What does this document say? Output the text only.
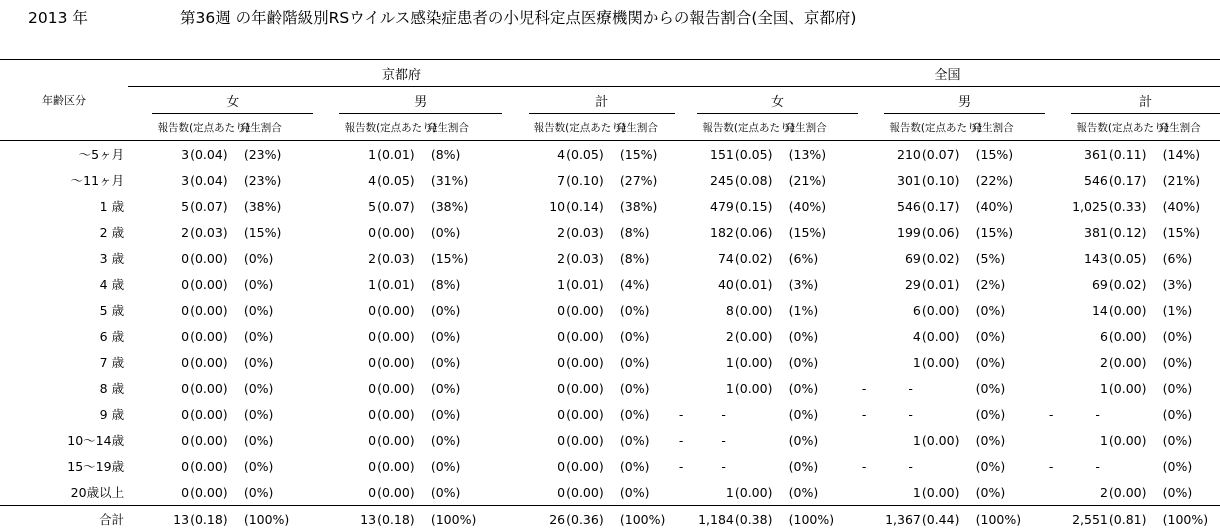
2013 年	第36週 の年齢階級別RSウイルス感染症患者の小児科定点医療機関からの報告割合(全国、京都府)
年齢区分	京都府												全国											
		女				男				計				女				男				計		
		報告数	(定点あたり)	発生割合		報告数	(定点あたり)	発生割合		報告数	(定点あたり)	発生割合		報告数	(定点あたり)	発生割合		報告数	(定点あたり)	発生割合		報告数	(定点あたり)	発生割合
～5ヶ月		3	(0.04)	(23%)		1	(0.01)	(8%)		4	(0.05)	(15%)		151	(0.05)	(13%)		210	(0.07)	(15%)		361	(0.11)	(14%)
～11ヶ月		3	(0.04)	(23%)		4	(0.05)	(31%)		7	(0.10)	(27%)		245	(0.08)	(21%)		301	(0.10)	(22%)		546	(0.17)	(21%)
1 歳		5	(0.07)	(38%)		5	(0.07)	(38%)		10	(0.14)	(38%)		479	(0.15)	(40%)		546	(0.17)	(40%)		1,025	(0.33)	(40%)
2 歳		2	(0.03)	(15%)		0	(0.00)	(0%)		2	(0.03)	(8%)		182	(0.06)	(15%)		199	(0.06)	(15%)		381	(0.12)	(15%)
3 歳		0	(0.00)	(0%)		2	(0.03)	(15%)		2	(0.03)	(8%)		74	(0.02)	(6%)		69	(0.02)	(5%)		143	(0.05)	(6%)
4 歳		0	(0.00)	(0%)		1	(0.01)	(8%)		1	(0.01)	(4%)		40	(0.01)	(3%)		29	(0.01)	(2%)		69	(0.02)	(3%)
5 歳		0	(0.00)	(0%)		0	(0.00)	(0%)		0	(0.00)	(0%)		8	(0.00)	(1%)		6	(0.00)	(0%)		14	(0.00)	(1%)
6 歳		0	(0.00)	(0%)		0	(0.00)	(0%)		0	(0.00)	(0%)		2	(0.00)	(0%)		4	(0.00)	(0%)		6	(0.00)	(0%)
7 歳		0	(0.00)	(0%)		0	(0.00)	(0%)		0	(0.00)	(0%)		1	(0.00)	(0%)		1	(0.00)	(0%)		2	(0.00)	(0%)
8 歳		0	(0.00)	(0%)		0	(0.00)	(0%)		0	(0.00)	(0%)		1	(0.00)	(0%)	-	-		(0%)		1	(0.00)	(0%)
9 歳		0	(0.00)	(0%)		0	(0.00)	(0%)		0	(0.00)	(0%)	-	-		(0%)	-	-		(0%)	-	-		(0%)
10～14歳		0	(0.00)	(0%)		0	(0.00)	(0%)		0	(0.00)	(0%)	-	-		(0%)		1	(0.00)	(0%)		1	(0.00)	(0%)
15～19歳		0	(0.00)	(0%)		0	(0.00)	(0%)		0	(0.00)	(0%)	-	-		(0%)	-	-		(0%)	-	-		(0%)
20歳以上		0	(0.00)	(0%)		0	(0.00)	(0%)		0	(0.00)	(0%)		1	(0.00)	(0%)		1	(0.00)	(0%)		2	(0.00)	(0%)
合計		13	(0.18)	(100%)		13	(0.18)	(100%)		26	(0.36)	(100%)		1,184	(0.38)	(100%)		1,367	(0.44)	(100%)		2,551	(0.81)	(100%)
